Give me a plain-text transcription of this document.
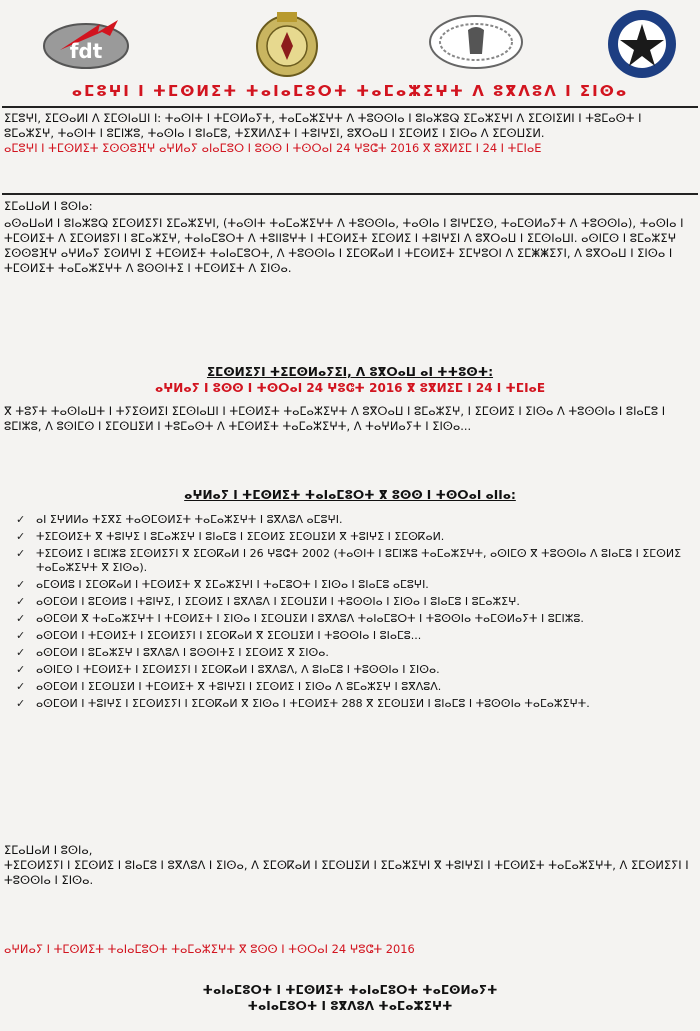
fdt
ⴰⵎⵓⵖⵏ ⵏ ⵜⵎⵙⵍⵉⵜ ⵜⴰⵏⴰⵎⵓⵔⵜ ⵜⴰⵎⴰⵣⵉⵖⵜ ⴷ ⵓⴳⴷⵓⴷ ⵏ ⵉⵏⵙⴰ

ⵉⵎⵓⵖⵏ, ⵉⵎⵙⴰⵍⵏ ⴷ ⵉⵎⵙⵏⴰⵡⵏ ⵏ: ⵜⴰⵙⵏⵜ ⵏ ⵜⵎⵙⵍⴰⵢⵜ, ⵜⴰⵎⴰⵣⵉⵖⵜ ⴷ ⵜⵓⵙⵙⵏⴰ ⵏ ⵓⵏⴰⵣⵓⵕ ⵉⵎⴰⵣⵉⵖⵏ ⴷ ⵉⵎⵙⵏⵉⵍⵏ ⵏ ⵜⵓⵎⴰⵙⵜ ⵏ ⵓⵎⴰⵣⵉⵖ, ⵜⴰⵙⵏⵜ ⵏ ⵓⵎⵏⵣⵓ, ⵜⴰⵙⵏⴰ ⵏ ⵓⵏⴰⵎⵓ, ⵜⵉⴳⵍⴷⵉⵜ ⵏ ⵜⵓⵏⵖⵉⵏ, ⵓⴳⵔⴰⵡ ⵏ ⵉⵎⵙⵍⵉ ⵏ ⵉⵏⵙⴰ ⴷ ⵉⵎⵙⵡⵉⵍ.

ⴰⵎⵓⵖⵏ ⵏ ⵜⵎⵙⵍⵉⵜ ⵉⵙⵙⵓⴼⵖ ⴰⵖⵍⴰⵢ ⴰⵏⴰⵎⵓⵔ ⵏ ⵓⵙⵙ ⵏ ⵜⵙⵔⴰⵏ 24 ⵖⵓⵛⵜ 2016 ⴳ ⵓⴳⵍⵉⵎ ⵏ 24 ⵏ ⵜⵎⵏⴰⴹ

ⵉⵎⴰⵡⴰⵍ ⵏ ⵓⵙⵏⴰ:

ⴰⵙⴰⵡⴰⵍ ⵏ ⵓⵏⴰⵣⵓⵕ ⵉⵎⵙⵍⵉⵢⵏ ⵉⵎⴰⵣⵉⵖⵏ, (ⵜⴰⵙⵏⵜ ⵜⴰⵎⴰⵣⵉⵖⵜ ⴷ ⵜⵓⵙⵙⵏⴰ, ⵜⴰⵙⵏⴰ ⵏ ⵓⵏⵖⵎⵉⵙ, ⵜⴰⵎⵙⵍⴰⵢⵜ ⴷ ⵜⵓⵙⵙⵏⴰ), ⵜⴰⵙⵏⴰ ⵏ ⵜⵎⵙⵍⵉⵜ ⴷ ⵉⵎⵙⵍⵓⵢⵏ ⵏ ⵓⵎⴰⵣⵉⵖ, ⵜⴰⵏⴰⵎⵓⵔⵜ ⴷ ⵜⵓⵏⵏⵓⵖⵜ ⵏ ⵜⵎⵙⵍⵉⵜ ⵉⵎⵙⵍⵉ ⵏ ⵜⵓⵏⵖⵉⵏ ⴷ ⵓⴳⵔⴰⵡ ⵏ ⵉⵎⵙⵏⴰⵡⵏ. ⴰⵙⵏⵎⵙ ⵏ ⵓⵎⴰⵣⵉⵖ ⵉⵙⵙⵓⴼⵖ ⴰⵖⵍⴰⵢ ⵉⵙⵍⵖⵏ ⵉ ⵜⵎⵙⵍⵉⵜ ⵜⴰⵏⴰⵎⵓⵔⵜ, ⴷ ⵜⵓⵙⵙⵏⴰ ⵏ ⵉⵎⵙⴽⴰⵍ ⵏ ⵜⵎⵙⵍⵉⵜ ⵉⵎⵖⵓⵔⵏ ⴷ ⵉⵎⵥⵥⵉⵢⵏ, ⴷ ⵓⴳⵔⴰⵡ ⵏ ⵉⵏⵙⴰ ⵏ ⵜⵎⵙⵍⵉⵜ ⵜⴰⵎⴰⵣⵉⵖⵜ ⴷ ⵓⵙⵙⵏⵜⵉ ⵏ ⵜⵎⵙⵍⵉⵜ ⴷ ⵉⵏⵙⴰ.

ⵉⵎⵙⵍⵉⵢⵏ ⵜⵉⵎⵙⵍⴰⵢⵉⵏ, ⴷ ⵓⴳⵔⴰⵡ ⴰⵏ ⵜⵜⵓⵙⵜ:
ⴰⵖⵍⴰⵢ ⵏ ⵓⵙⵙ ⵏ ⵜⵙⵔⴰⵏ 24 ⵖⵓⵛⵜ 2016 ⴳ ⵓⴳⵍⵉⵎ ⵏ 24 ⵏ ⵜⵎⵏⴰⴹ

ⴳ ⵜⵓⵢⵜ ⵜⴰⵙⵏⴰⵡⵜ ⵏ ⵜⵢⵉⵙⵍⵉⵏ ⵉⵎⵙⵏⴰⵡⵏ ⵏ ⵜⵎⵙⵍⵉⵜ ⵜⴰⵎⴰⵣⵉⵖⵜ ⴷ ⵓⴳⵔⴰⵡ ⵏ ⵓⵎⴰⵣⵉⵖ, ⵏ ⵉⵎⵙⵍⵉ ⵏ ⵉⵏⵙⴰ ⴷ ⵜⵓⵙⵙⵏⴰ ⵏ ⵓⵏⴰⵎⵓ ⵏ ⵓⵎⵏⵣⵓ, ⴷ ⵓⵙⵏⵎⵙ ⵏ ⵉⵎⵙⵡⵉⵍ ⵏ ⵜⵓⵎⴰⵙⵜ ⴷ ⵜⵎⵙⵍⵉⵜ ⵜⴰⵎⴰⵣⵉⵖⵜ, ⴷ ⵜⴰⵖⵍⴰⵢⵜ ⵏ ⵉⵏⵙⴰ...

ⴰⵖⵍⴰⵢ ⵏ ⵜⵎⵙⵍⵉⵜ ⵜⴰⵏⴰⵎⵓⵔⵜ ⴳ ⵓⵙⵙ ⵏ ⵜⵙⵔⴰⵏ ⴰⵏⵏⴰ:
✓ ⴰⵏ ⵉⵖⵍⵍⴰ ⵜⵉⴳⵉ ⵜⴰⵙⵎⵙⵍⵉⵜ ⵜⴰⵎⴰⵣⵉⵖⵜ ⵏ ⵓⴳⴷⵓⴷ ⴰⵎⵓⵖⵏ.
✓ ⵜⵉⵎⵙⵍⵉⵜ ⴳ ⵜⵓⵏⵖⵉ ⵏ ⵓⵎⴰⵣⵉⵖ ⵏ ⵓⵏⴰⵎⵓ ⵏ ⵉⵎⵙⵍⵉ ⵉⵎⵙⵡⵉⵍ ⴳ ⵜⵓⵏⵖⵉ ⵏ ⵉⵎⵙⴽⴰⵍ.
✓ ⵜⵉⵎⵙⵍⵉ ⵏ ⵓⵎⵏⵣⵓ ⵉⵎⵙⵍⵉⵢⵏ ⴳ ⵉⵎⵙⴽⴰⵍ ⵏ 26 ⵖⵓⵛⵜ 2002 (ⵜⴰⵙⵏⵜ ⵏ ⵓⵎⵏⵣⵓ ⵜⴰⵎⴰⵣⵉⵖⵜ, ⴰⵙⵏⵎⵙ ⴳ ⵜⵓⵙⵙⵏⴰ ⴷ ⵓⵏⴰⵎⵓ ⵏ ⵉⵎⵙⵍⵉ ⵜⴰⵎⴰⵣⵉⵖⵜ ⴳ ⵉⵏⵙⴰ).
✓ ⴰⵎⵙⵍⵓ ⵏ ⵉⵎⵙⴽⴰⵍ ⵏ ⵜⵎⵙⵍⵉⵜ ⴳ ⵉⵎⴰⵣⵉⵖⵏ ⵏ ⵜⴰⵎⵓⵔⵜ ⵏ ⵉⵏⵙⴰ ⵏ ⵓⵏⴰⵎⵓ ⴰⵎⵓⵖⵏ.
✓ ⴰⵙⵎⵙⵍ ⵏ ⵓⵎⵙⵍⵓ ⵏ ⵜⵓⵏⵖⵉ, ⵏ ⵉⵎⵙⵍⵉ ⵏ ⵓⴳⴷⵓⴷ ⵏ ⵉⵎⵙⵡⵉⵍ ⵏ ⵜⵓⵙⵙⵏⴰ ⵏ ⵉⵏⵙⴰ ⵏ ⵓⵏⴰⵎⵓ ⵏ ⵓⵎⴰⵣⵉⵖ.
✓ ⴰⵙⵎⵙⵍ ⴳ ⵜⴰⵎⴰⵣⵉⵖⵜ ⵏ ⵜⵎⵙⵍⵉⵜ ⵏ ⵉⵏⵙⴰ ⵏ ⵉⵎⵙⵡⵉⵍ ⵏ ⵓⴳⴷⵓⴷ ⵜⴰⵏⴰⵎⵓⵔⵜ ⵏ ⵜⵓⵙⵙⵏⴰ ⵜⴰⵎⵙⵍⴰⵢⵜ ⵏ ⵓⵎⵏⵣⵓ.
✓ ⴰⵙⵎⵙⵍ ⵏ ⵜⵎⵙⵍⵉⵜ ⵏ ⵉⵎⵙⵍⵉⵢⵏ ⵏ ⵉⵎⵙⴽⴰⵍ ⴳ ⵉⵎⵙⵡⵉⵍ ⵏ ⵜⵓⵙⵙⵏⴰ ⵏ ⵓⵏⴰⵎⵓ...
✓ ⴰⵙⵎⵙⵍ ⵏ ⵓⵎⴰⵣⵉⵖ ⵏ ⵓⴳⴷⵓⴷ ⵏ ⵓⵙⵙⵏⵜⵉ ⵏ ⵉⵎⵙⵍⵉ ⴳ ⵉⵏⵙⴰ.
✓ ⴰⵙⵏⵎⵙ ⵏ ⵜⵎⵙⵍⵉⵜ ⵏ ⵉⵎⵙⵍⵉⵢⵏ ⵏ ⵉⵎⵙⴽⴰⵍ ⵏ ⵓⴳⴷⵓⴷ, ⴷ ⵓⵏⴰⵎⵓ ⵏ ⵜⵓⵙⵙⵏⴰ ⵏ ⵉⵏⵙⴰ.
✓ ⴰⵙⵎⵙⵍ ⵏ ⵉⵎⵙⵡⵉⵍ ⵏ ⵜⵎⵙⵍⵉⵜ ⴳ ⵜⵓⵏⵖⵉⵏ ⵏ ⵉⵎⵙⵍⵉ ⵏ ⵉⵏⵙⴰ ⴷ ⵓⵎⴰⵣⵉⵖ ⵏ ⵓⴳⴷⵓⴷ.
✓ ⴰⵙⵎⵙⵍ ⵏ ⵜⵓⵏⵖⵉ ⵏ ⵉⵎⵙⵍⵉⵢⵏ ⵏ ⵉⵎⵙⴽⴰⵍ ⴳ ⵉⵏⵙⴰ ⵏ ⵜⵎⵙⵍⵉⵜ 288 ⴳ ⵉⵎⵙⵡⵉⵍ ⵏ ⵓⵏⴰⵎⵓ ⵏ ⵜⵓⵙⵙⵏⴰ ⵜⴰⵎⴰⵣⵉⵖⵜ.

ⵉⵎⴰⵡⴰⵍ ⵏ ⵓⵙⵏⴰ,

ⵜⵉⵎⵙⵍⵉⵢⵏ ⵏ ⵉⵎⵙⵍⵉ ⵏ ⵓⵏⴰⵎⵓ ⵏ ⵓⴳⴷⵓⴷ ⵏ ⵉⵏⵙⴰ, ⴷ ⵉⵎⵙⴽⴰⵍ ⵏ ⵉⵎⵙⵡⵉⵍ ⵏ ⵉⵎⴰⵣⵉⵖⵏ ⴳ ⵜⵓⵏⵖⵉⵏ ⵏ ⵜⵎⵙⵍⵉⵜ ⵜⴰⵎⴰⵣⵉⵖⵜ, ⴷ ⵉⵎⵙⵍⵉⵢⵏ ⵏ ⵜⵓⵙⵙⵏⴰ ⵏ ⵉⵏⵙⴰ.

ⴰⵖⵍⴰⵢ ⵏ ⵜⵎⵙⵍⵉⵜ ⵜⴰⵏⴰⵎⵓⵔⵜ ⵜⴰⵎⴰⵣⵉⵖⵜ ⴳ ⵓⵙⵙ ⵏ ⵜⵙⵔⴰⵏ 24 ⵖⵓⵛⵜ 2016
ⵜⴰⵏⴰⵎⵓⵔⵜ ⵏ ⵜⵎⵙⵍⵉⵜ ⵜⴰⵏⴰⵎⵓⵔⵜ ⵜⴰⵎⵙⵍⴰⵢⵜ
ⵜⴰⵏⴰⵎⵓⵔⵜ ⵏ ⵓⴳⴷⵓⴷ ⵜⴰⵎⴰⵣⵉⵖⵜ
